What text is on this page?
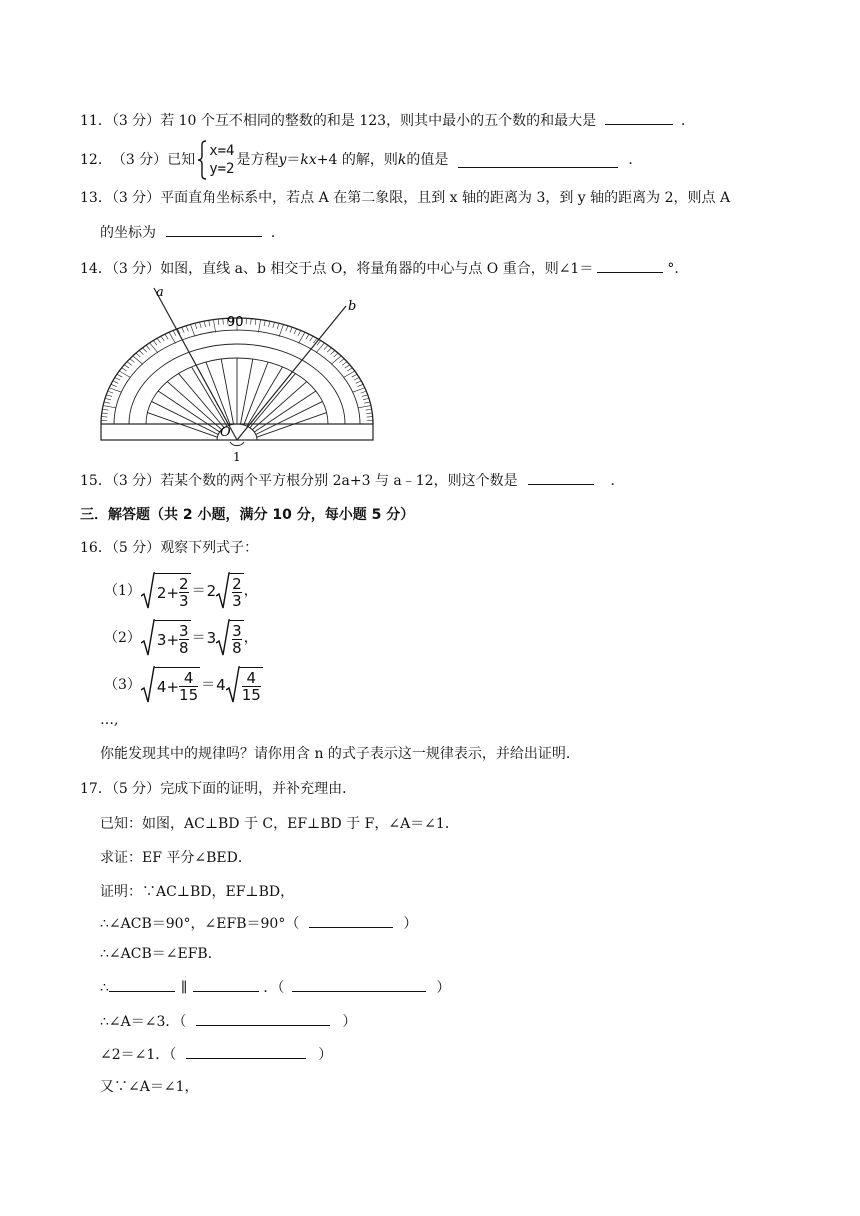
11．（3 分）若 10 个互不相同的整数的和是 123，则其中最小的五个数的和最大是	．
12． （3 分） 已知
x=4
y=2
是方程 y ＝ kx +4 的解，则 k 的值是	．
13．（3 分）平面直角坐标系中，若点 A 在第二象限，且到 x 轴的距离为 3，到 y 轴的距离为 2，则点 A
的坐标为	．
14．（3 分）如图，直线 a、b 相交于点 O，将量角器的中心与点 O 重合，则∠1＝	°．
a
b
90
O
1
15．（3 分）若某个数的两个平方根分别 2a+3 与 a﹣12，则这个数是	．
三．解答题（共 2 小题，满分 10 分，每小题 5 分）
16．（5 分）观察下列式子：
（1） $2 + \frac{2}{3} = 2 \frac{2}{3}$ ，
（2） $3 + \frac{3}{8} = 3 \frac{3}{8}$ ，
（3） $4 + \frac{4}{15} = 4 \frac{4}{15}$
…,
你能发现其中的规律吗？请你用含 n 的式子表示这一规律表示，并给出证明．
17．（5 分）完成下面的证明，并补充理由．
已知：如图，AC⊥BD 于 C，EF⊥BD 于 F，∠A＝∠1．
求证：EF 平分∠BED．
证明：∵AC⊥BD，EF⊥BD，
∴∠ACB＝90°，∠EFB＝90°（	）
∴∠ACB＝∠EFB．
∴	∥	．（	）
∴∠A＝∠3．（	）
∠2＝∠1．（	）
又∵∠A＝∠1，
